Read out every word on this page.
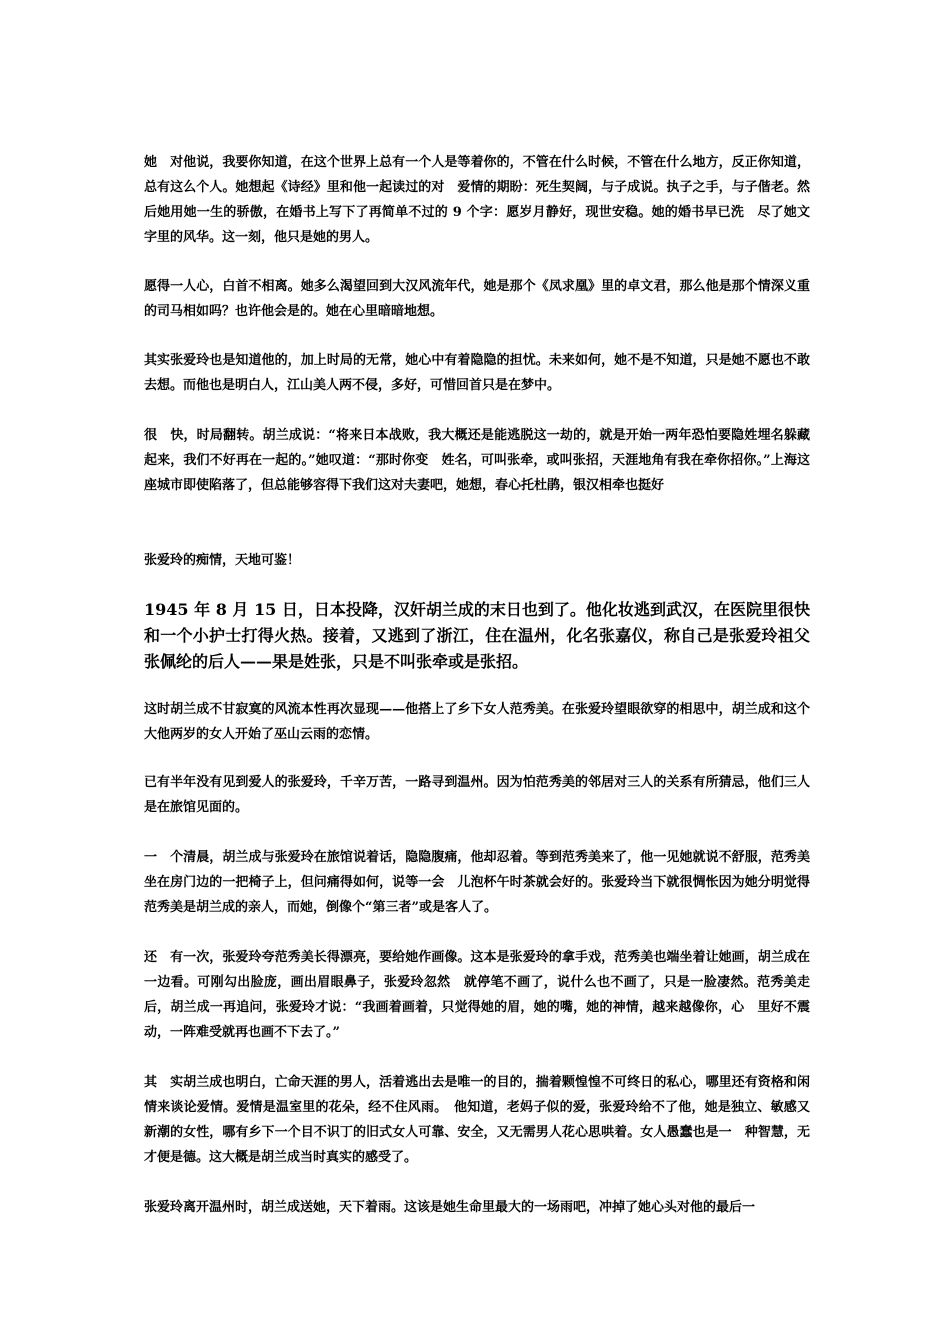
她　对他说，我要你知道，在这个世界上总有一个人是等着你的，不管在什么时候，不管在什么地方，反正你知道，总有这么个人。她想起《诗经》里和他一起读过的对　爱情的期盼：死生契阔，与子成说。执子之手，与子偕老。然后她用她一生的骄傲，在婚书上写下了再简单不过的 9 个字：愿岁月静好，现世安稳。她的婚书早已洗　尽了她文字里的风华。这一刻，他只是她的男人。

愿得一人心，白首不相离。她多么渴望回到大汉风流年代，她是那个《凤求凰》里的卓文君，那么他是那个情深义重的司马相如吗？也许他会是的。她在心里暗暗地想。

其实张爱玲也是知道他的，加上时局的无常，她心中有着隐隐的担忧。未来如何，她不是不知道，只是她不愿也不敢去想。而他也是明白人，江山美人两不侵，多好，可惜回首只是在梦中。

很　快，时局翻转。胡兰成说：“将来日本战败，我大概还是能逃脱这一劫的，就是开始一两年恐怕要隐姓埋名躲藏起来，我们不好再在一起的。”她叹道：“那时你变　姓名，可叫张牵，或叫张招，天涯地角有我在牵你招你。”上海这座城市即使陷落了，但总能够容得下我们这对夫妻吧，她想，春心托杜鹃，银汉相牵也挺好

张爱玲的痴情，天地可鉴！

1945 年 8 月 15 日，日本投降，汉奸胡兰成的末日也到了。他化妆逃到武汉，在医院里很快和一个小护士打得火热。接着，又逃到了浙江，住在温州，化名张嘉仪，称自己是张爱玲祖父张佩纶的后人——果是姓张，只是不叫张牵或是张招。

这时胡兰成不甘寂寞的风流本性再次显现——他搭上了乡下女人范秀美。在张爱玲望眼欲穿的相思中，胡兰成和这个大他两岁的女人开始了巫山云雨的恋情。

已有半年没有见到爱人的张爱玲，千辛万苦，一路寻到温州。因为怕范秀美的邻居对三人的关系有所猜忌，他们三人是在旅馆见面的。

一　个清晨，胡兰成与张爱玲在旅馆说着话，隐隐腹痛，他却忍着。等到范秀美来了，他一见她就说不舒服，范秀美坐在房门边的一把椅子上，但问痛得如何，说等一会　儿泡杯午时茶就会好的。张爱玲当下就很惆怅因为她分明觉得范秀美是胡兰成的亲人，而她，倒像个“第三者”或是客人了。

还　有一次，张爱玲夸范秀美长得漂亮，要给她作画像。这本是张爱玲的拿手戏，范秀美也端坐着让她画，胡兰成在一边看。可刚勾出脸庞，画出眉眼鼻子，张爱玲忽然　就停笔不画了，说什么也不画了，只是一脸凄然。范秀美走后，胡兰成一再追问，张爱玲才说：“我画着画着，只觉得她的眉，她的嘴，她的神情，越来越像你，心　里好不震动，一阵难受就再也画不下去了。”

其　实胡兰成也明白，亡命天涯的男人，活着逃出去是唯一的目的，揣着颗惶惶不可终日的私心，哪里还有资格和闲情来谈论爱情。爱情是温室里的花朵，经不住风雨。　他知道，老妈子似的爱，张爱玲给不了他，她是独立、敏感又新潮的女性，哪有乡下一个目不识丁的旧式女人可靠、安全，又无需男人花心思哄着。女人愚蠢也是一　种智慧，无才便是德。这大概是胡兰成当时真实的感受了。

张爱玲离开温州时，胡兰成送她，天下着雨。这该是她生命里最大的一场雨吧，冲掉了她心头对他的最后一
